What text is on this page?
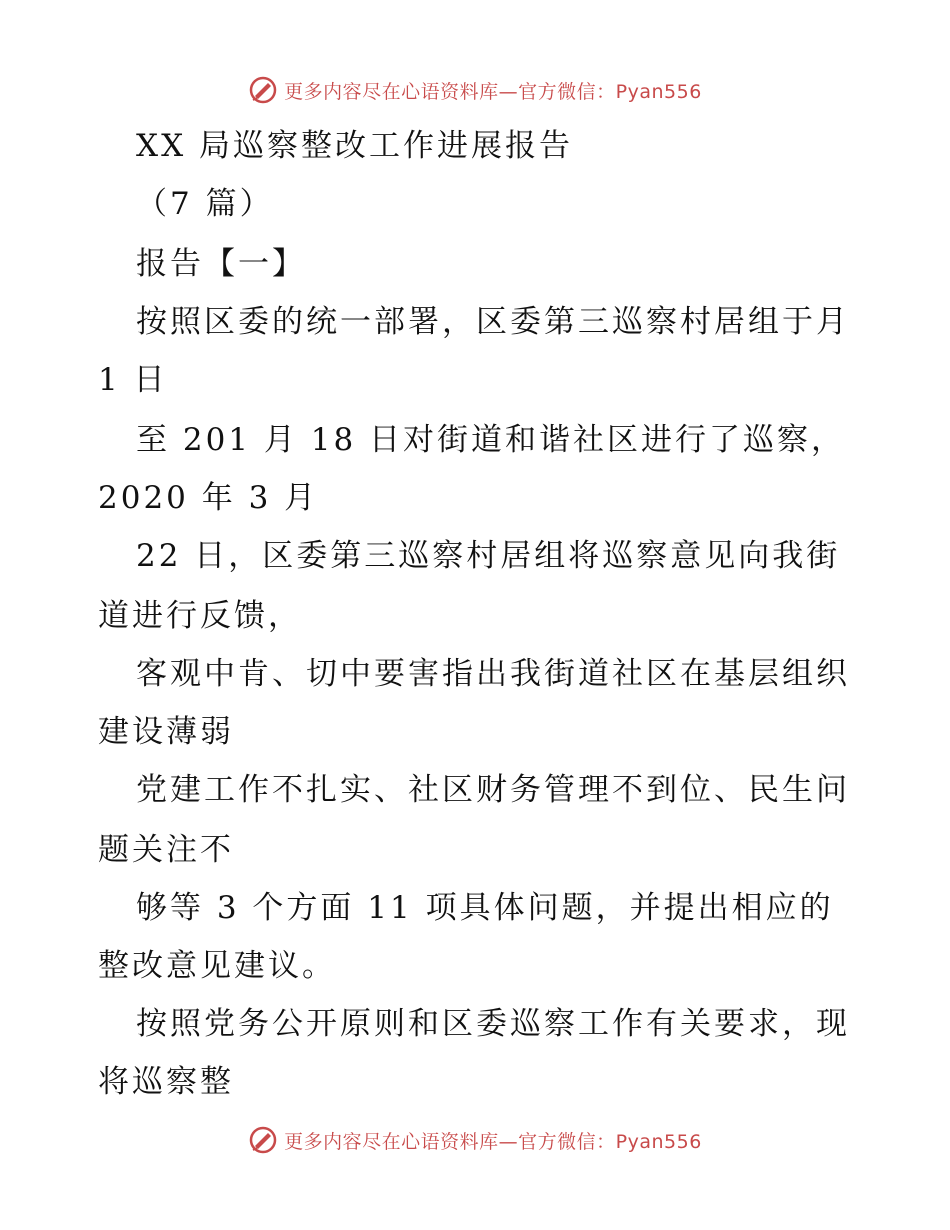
更多内容尽在心语资料库—官方微信：Pyan556
XX 局巡察整改工作进展报告
（7 篇）
报告【一】
按照区委的统一部署，区委第三巡察村居组于月
1 日
至 201 月 18 日对街道和谐社区进行了巡察，
2020 年 3 月
22 日，区委第三巡察村居组将巡察意见向我街
道进行反馈，
客观中肯、切中要害指出我街道社区在基层组织
建设薄弱
党建工作不扎实、社区财务管理不到位、民生问
题关注不
够等 3 个方面 11 项具体问题，并提出相应的
整改意见建议。
按照党务公开原则和区委巡察工作有关要求，现
将巡察整
更多内容尽在心语资料库—官方微信：Pyan556
